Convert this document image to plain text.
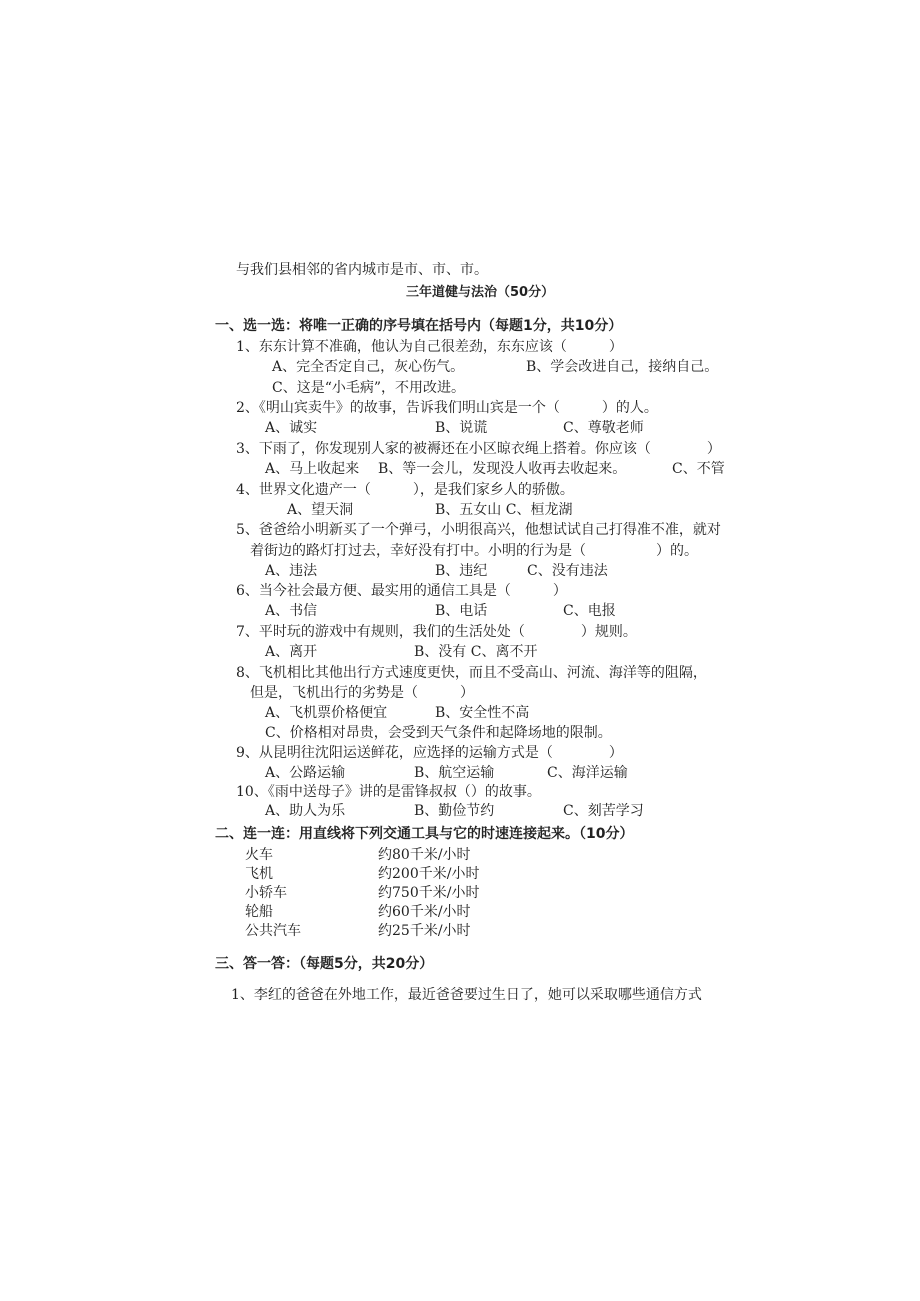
与我们县相邻的省内城市是市、市、市。
三年道健与法治（50分）
一、选一选：将唯一正确的序号填在括号内（每题1分，共10分）
1、东东计算不准确，他认为自己很差劲，东东应该（　　　）
A、完全否定自己，灰心伤气。	B、学会改进自己，接纳自己。
C、这是“小毛病”，不用改进。
2、《明山宾卖牛》的故事，告诉我们明山宾是一个（　　　）的人。
A、诚实	B、说谎	C、尊敬老师
3、下雨了，你发现别人家的被褥还在小区晾衣绳上搭着。你应该（　　　　）
A、马上收起来 B、等一会儿，发现没人收再去收起来。	C、不管
4、世界文化遗产一（　　　），是我们家乡人的骄傲。
A、望天洞	B、五女山 C、桓龙湖
5、爸爸给小明新买了一个弹弓，小明很高兴，他想试试自己打得准不准，就对
着街边的路灯打过去，幸好没有打中。小明的行为是（　　　　　）的。
A、违法	B、违纪	C、没有违法
6、当今社会最方便、最实用的通信工具是（　　　）
A、书信	B、电话	C、电报
7、平时玩的游戏中有规则，我们的生活处处（　　　　）规则。
A、离开	B、没有 C、离不开
8、飞机相比其他出行方式速度更快，而且不受高山、河流、海洋等的阻隔，
但是，飞机出行的劣势是（　　　）
A、飞机票价格便宜	B、安全性不高
C、价格相对昂贵，会受到天气条件和起降场地的限制。
9、从昆明往沈阳运送鲜花，应选择的运输方式是（　　　　）
A、公路运输	B、航空运输	C、海洋运输
10、《雨中送母子》讲的是雷锋叔叔（）的故事。
A、助人为乐	B、勤俭节约	C、刻苦学习
二、连一连：用直线将下列交通工具与它的时速连接起来。（10分）
火车	约80千米/小时
飞机	约200千米/小时
小轿车	约750千米/小时
轮船	约60千米/小时
公共汽车	约25千米/小时
三、答一答：（每题5分，共20分）
1、李红的爸爸在外地工作，最近爸爸要过生日了，她可以采取哪些通信方式
